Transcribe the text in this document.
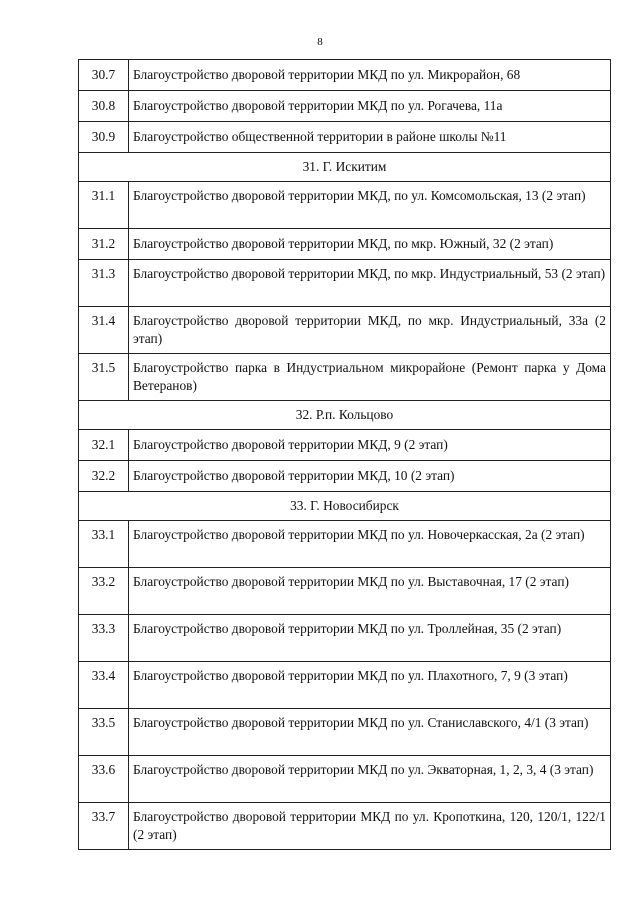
8
30.7	Благоустройство дворовой территории МКД по ул. Микрорайон, 68
30.8	Благоустройство дворовой территории МКД по ул. Рогачева, 11а
30.9	Благоустройство общественной территории в районе школы №11
31. Г. Искитим	
31.1	Благоустройство дворовой территории МКД, по ул. Комсомольская, 13 (2 этап)
31.2	Благоустройство дворовой территории МКД, по мкр. Южный, 32 (2 этап)
31.3	Благоустройство дворовой территории МКД, по мкр. Индустриальный, 53 (2 этап)
31.4	Благоустройство дворовой территории МКД, по мкр. Индустриальный, 33а (2 этап)
31.5	Благоустройство парка в Индустриальном микрорайоне (Ремонт парка у Дома Ветеранов)
32. Р.п. Кольцово	
32.1	Благоустройство дворовой территории МКД, 9 (2 этап)
32.2	Благоустройство дворовой территории МКД, 10 (2 этап)
33. Г. Новосибирск	
33.1	Благоустройство дворовой территории МКД по ул. Новочеркасская, 2а (2 этап)
33.2	Благоустройство дворовой территории МКД по ул. Выставочная, 17 (2 этап)
33.3	Благоустройство дворовой территории МКД по ул. Троллейная, 35 (2 этап)
33.4	Благоустройство дворовой территории МКД по ул. Плахотного, 7, 9 (3 этап)
33.5	Благоустройство дворовой территории МКД по ул. Станиславского, 4/1 (3 этап)
33.6	Благоустройство дворовой территории МКД по ул. Экваторная, 1, 2, 3, 4 (3 этап)
33.7	Благоустройство дворовой территории МКД по ул. Кропоткина, 120, 120/1, 122/1 (2 этап)
